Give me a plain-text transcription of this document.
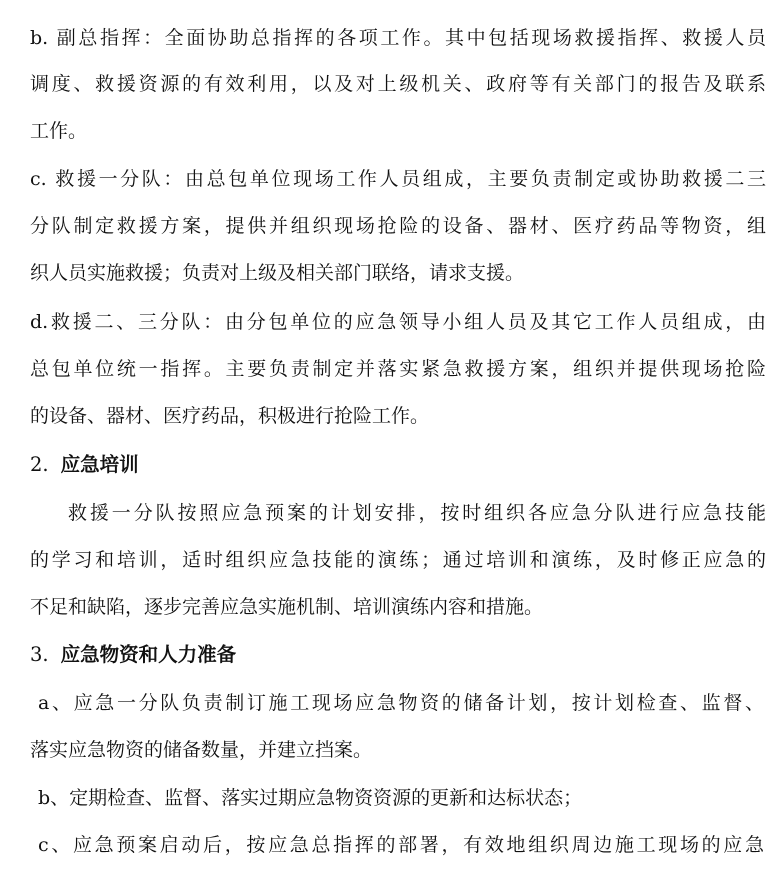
b. 副总指挥：全面协助总指挥的各项工作。其中包括现场救援指挥、救援人员
调度、救援资源的有效利用，以及对上级机关、政府等有关部门的报告及联系
工作。
c. 救援一分队：由总包单位现场工作人员组成，主要负责制定或协助救援二三
分队制定救援方案，提供并组织现场抢险的设备、器材、医疗药品等物资，组
织人员实施救援；负责对上级及相关部门联络，请求支援。
d.救援二、三分队：由分包单位的应急领导小组人员及其它工作人员组成，由
总包单位统一指挥。主要负责制定并落实紧急救援方案，组织并提供现场抢险
的设备、器材、医疗药品，积极进行抢险工作。
2. 应急培训
救援一分队按照应急预案的计划安排，按时组织各应急分队进行应急技能
的学习和培训，适时组织应急技能的演练；通过培训和演练，及时修正应急的
不足和缺陷，逐步完善应急实施机制、培训演练内容和措施。
3. 应急物资和人力准备
a、应急一分队负责制订施工现场应急物资的储备计划，按计划检查、监督、
落实应急物资的储备数量，并建立挡案。
b、定期检查、监督、落实过期应急物资资源的更新和达标状态；
c、应急预案启动后，按应急总指挥的部署，有效地组织周边施工现场的应急
